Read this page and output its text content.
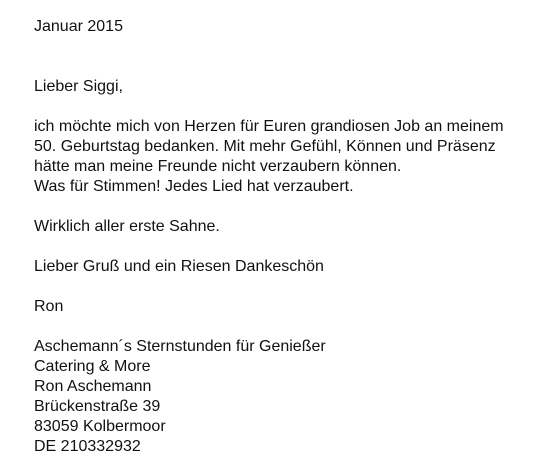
Januar 2015
Lieber Siggi,
ich möchte mich von Herzen für Euren grandiosen Job an meinem
50. Geburtstag bedanken. Mit mehr Gefühl, Können und Präsenz
hätte man meine Freunde nicht verzaubern können.
Was für Stimmen! Jedes Lied hat verzaubert.
Wirklich aller erste Sahne.
Lieber Gruß und ein Riesen Dankeschön
Ron
Aschemann´s Sternstunden für Genießer
Catering & More
Ron Aschemann
Brückenstraße 39
83059 Kolbermoor
DE 210332932
